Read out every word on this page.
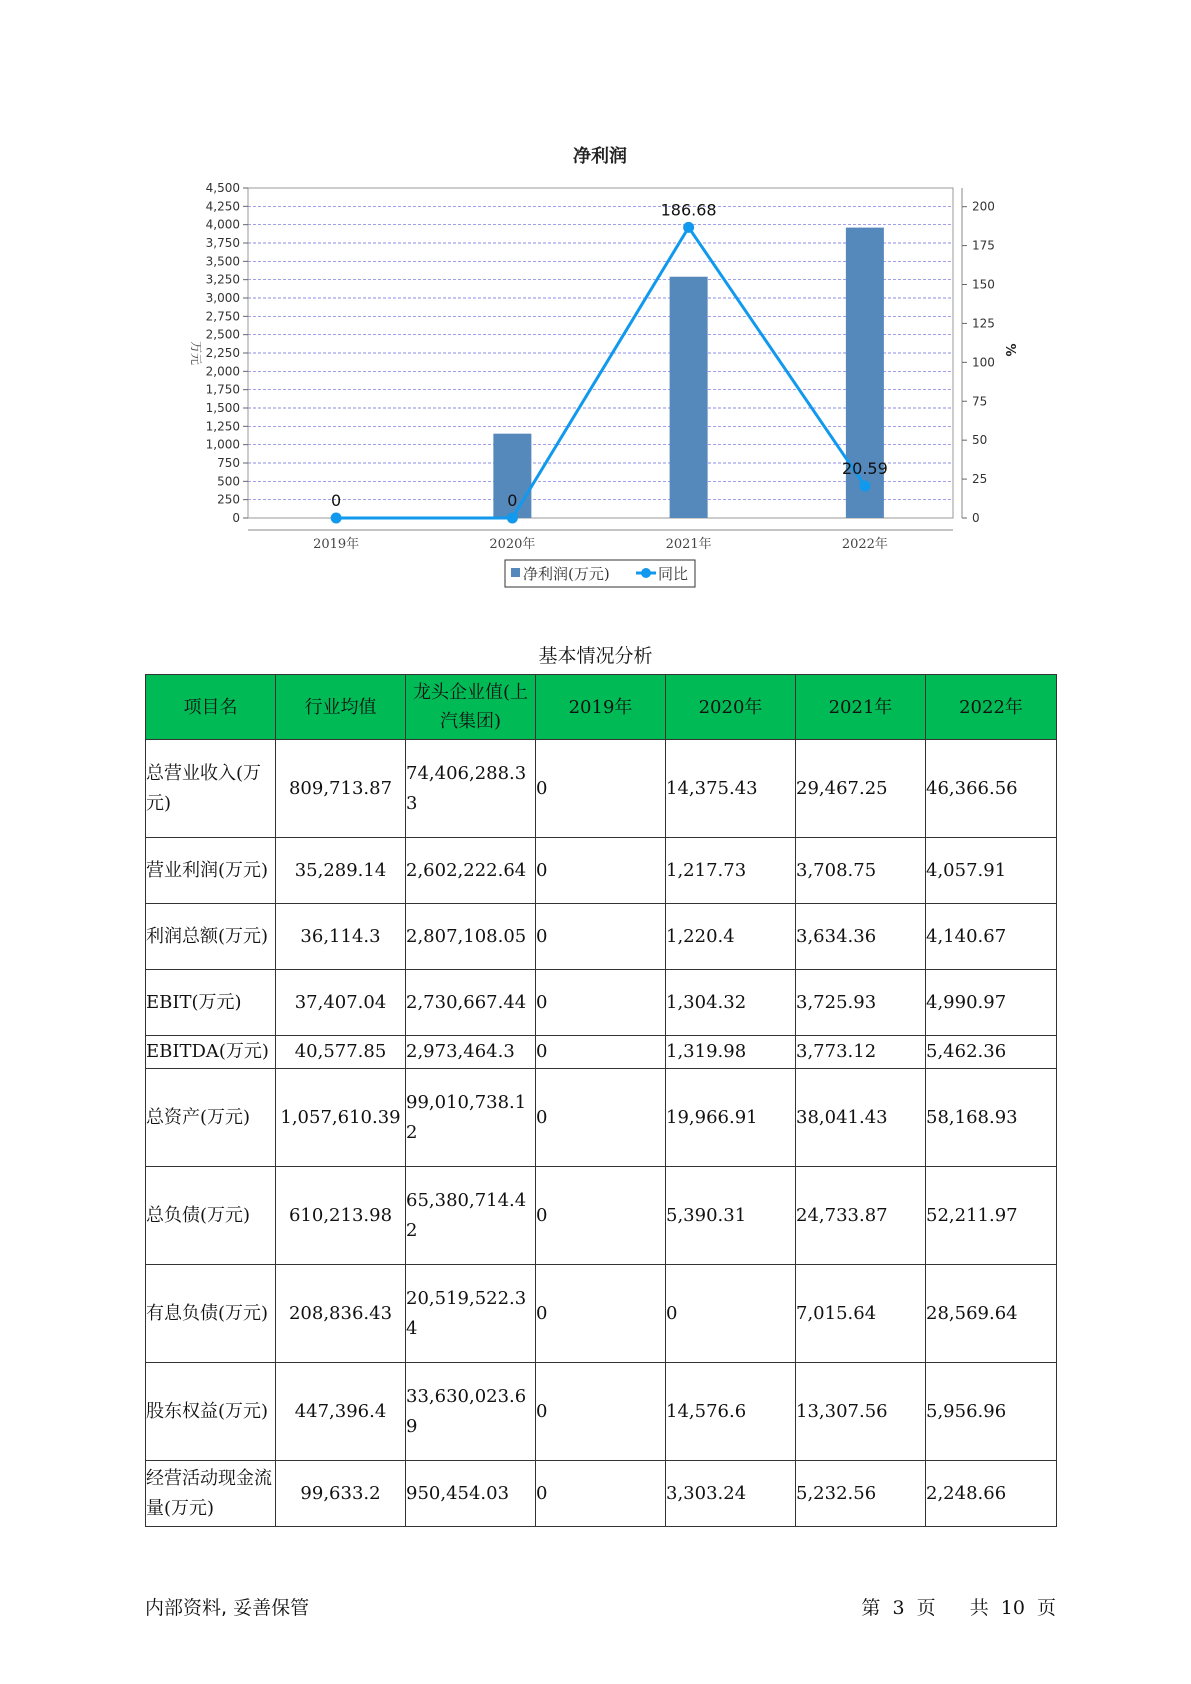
净利润
0
250
500
750
1,000
1,250
1,500
1,750
2,000
2,250
2,500
2,750
3,000
3,250
3,500
3,750
4,000
4,250
4,500
0
25
50
75
100
125
150
175
200
万元	%
0	0
186.68
20.59
2019年	2020年	2021年	2022年
净利润(万元)	同比
基本情况分析
项目名	行业均值	龙头企业值(上汽集团)	2019年	2020年	2021年	2022年
总营业收入(万元)	809,713.87	74,406,288.33	0	14,375.43	29,467.25	46,366.56
营业利润(万元)	35,289.14	2,602,222.64	0	1,217.73	3,708.75	4,057.91
利润总额(万元)	36,114.3	2,807,108.05	0	1,220.4	3,634.36	4,140.67
EBIT(万元)	37,407.04	2,730,667.44	0	1,304.32	3,725.93	4,990.97
EBITDA(万元)	40,577.85	2,973,464.3	0	1,319.98	3,773.12	5,462.36
总资产(万元)	1,057,610.39	99,010,738.12	0	19,966.91	38,041.43	58,168.93
总负债(万元)	610,213.98	65,380,714.42	0	5,390.31	24,733.87	52,211.97
有息负债(万元)	208,836.43	20,519,522.34	0	0	7,015.64	28,569.64
股东权益(万元)	447,396.4	33,630,023.69	0	14,576.6	13,307.56	5,956.96
经营活动现金流量(万元)	99,633.2	950,454.03	0	3,303.24	5,232.56	2,248.66
内部资料, 妥善保管	第 3 页 共 10 页
